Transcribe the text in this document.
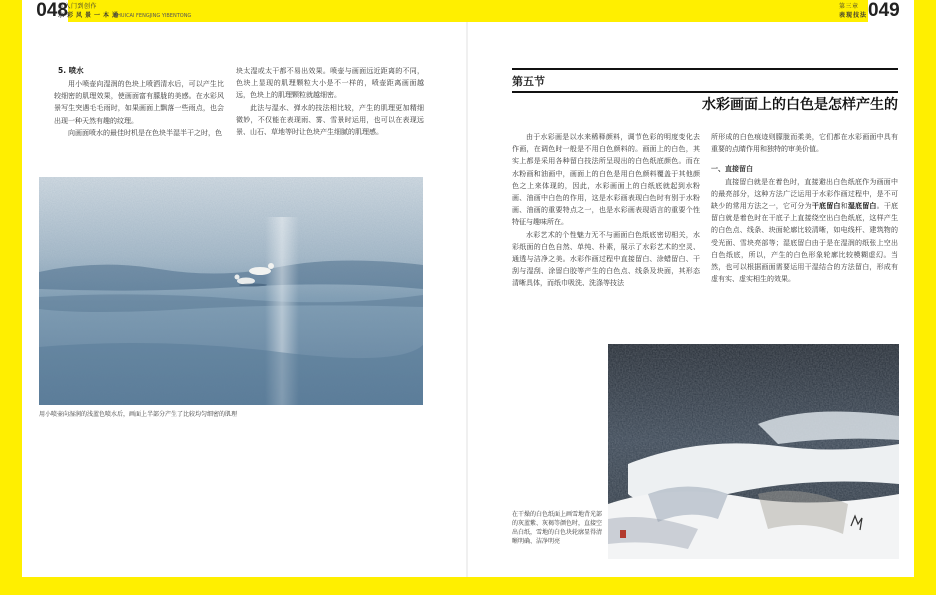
048	049
从入门到创作
水彩风景一本通
SHUICAI FENGJING YIBENTONG
第三章
表现技法
5. 喷水

用小喷壶向湿润的色块上喷洒清水后，可以产生比较细密的肌理效果，使画面富有朦胧的美感。在水彩风景写生突遇毛毛雨时，如果画面上飘落一些雨点，也会出现一种天然有趣的纹理。

向画面喷水的最佳时机是在色块半湿半干之时，色

块太湿或太干都不易出效果。喷壶与画面远近距离的不同，色块上显现的肌理颗粒大小是不一样的，喷壶距离画面越远，色块上的肌理颗粒就越细密。

此法与湿水、弹水的技法相比较，产生的肌理更加精细微妙，不仅能在表现雨、雾、雪景时运用，也可以在表现远景、山石、草地等时让色块产生细腻的肌理感。

用小喷壶向湿润的浅蓝色喷水后，画面上半部分产生了比较均匀细密的肌理
第五节
水彩画面上的白色是怎样产生的

由于水彩画是以水来稀释颜料，调节色彩的明度变化去作画，在调色时一般是不用白色颜料的。画面上的白色，其实上都是采用各种留白技法所呈现出的白色纸底颜色。而在水粉画和油画中，画面上的白色是用白色颜料覆盖于其他颜色之上来体现的，因此，水彩画面上的白纸底就起到水粉画、油画中白色的作用，这是水彩画表现白色时有别于水粉画、油画的重要特点之一，也是水彩画表现语言的重要个性特征与趣味所在。

水彩艺术的个性魅力无不与画面白色纸底密切相关，水彩纸面的白色自然、单纯、朴素，展示了水彩艺术的空灵、通透与洁净之美。水彩作画过程中直接留白、涂蜡留白、干刮与湿刮、涂留白胶等产生的白色点、线条及块面，其形态清晰具体，而纸巾吸洗、洗涤等技法

所形成的白色痕迹则朦胧而柔美，它们都在水彩画面中具有重要的点睛作用和独特的审美价值。

一、直接留白

直接留白就是在着色时，直接避出白色纸底作为画面中的最亮部分，这种方法广泛运用于水彩作画过程中，是不可缺少的常用方法之一，它可分为干底留白和湿底留白。干底留白就是着色时在干底子上直接绕空出白色纸底，这样产生的白色点、线条、块面轮廓比较清晰，如电线杆、建筑物的受光面、雪块亮部等；湿底留白由于是在湿润的纸张上空出白色纸底，所以，产生的白色形象轮廓比较模糊虚幻。当然，也可以根据画面需要运用干湿结合的方法留白，形成有虚有实、虚实相生的效果。

在干燥的白色纸面上画雪地背光部的灰蓝紫、灰褐等颜色时，直接空出白纸，雪地的白色块轮廓显得清晰明确、洁净明亮
